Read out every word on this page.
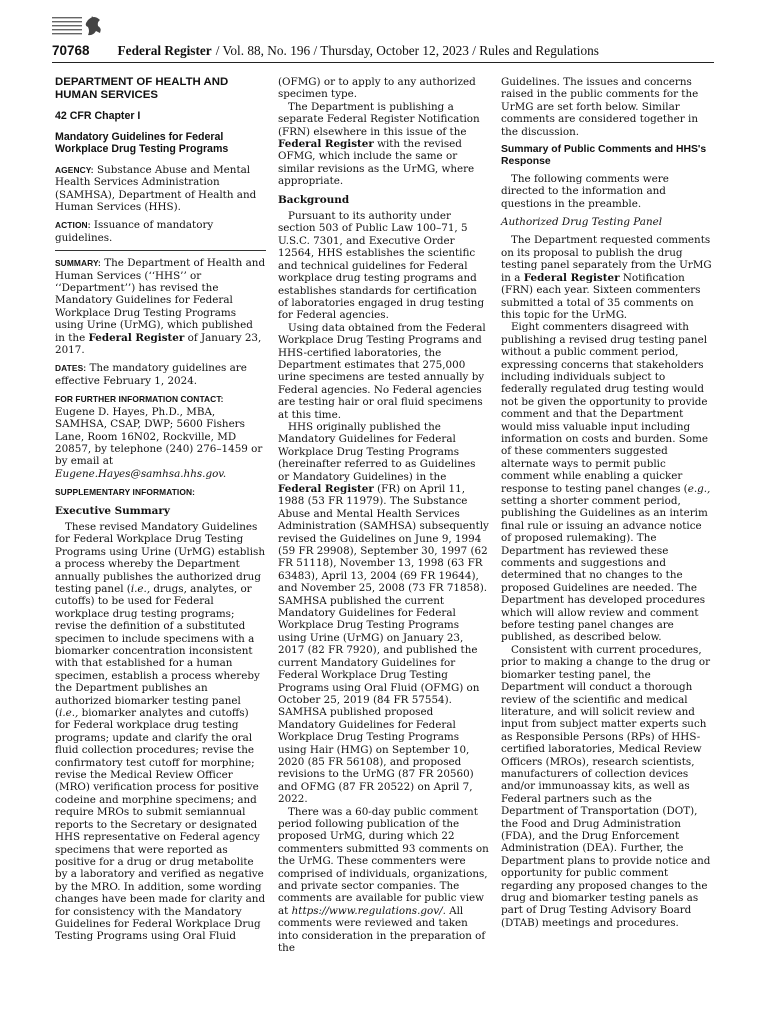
70768 Federal Register / Vol. 88, No. 196 / Thursday, October 12, 2023 / Rules and Regulations
DEPARTMENT OF HEALTH AND HUMAN SERVICES
42 CFR Chapter I
Mandatory Guidelines for Federal Workplace Drug Testing Programs

AGENCY: Substance Abuse and Mental Health Services Administration (SAMHSA), Department of Health and Human Services (HHS).

ACTION: Issuance of mandatory guidelines.

SUMMARY: The Department of Health and Human Services (‘‘HHS’’ or ‘‘Department’’) has revised the Mandatory Guidelines for Federal Workplace Drug Testing Programs using Urine (UrMG), which published in the Federal Register of January 23, 2017.

DATES: The mandatory guidelines are effective February 1, 2024.

FOR FURTHER INFORMATION CONTACT:

Eugene D. Hayes, Ph.D., MBA, SAMHSA, CSAP, DWP; 5600 Fishers Lane, Room 16N02, Rockville, MD 20857, by telephone (240) 276–1459 or by email at Eugene.Hayes@samhsa.hhs.gov.

SUPPLEMENTARY INFORMATION:

Executive Summary

These revised Mandatory Guidelines for Federal Workplace Drug Testing Programs using Urine (UrMG) establish a process whereby the Department annually publishes the authorized drug testing panel (i.e., drugs, analytes, or cutoffs) to be used for Federal workplace drug testing programs; revise the definition of a substituted specimen to include specimens with a biomarker concentration inconsistent with that established for a human specimen, establish a process whereby the Department publishes an authorized biomarker testing panel (i.e., biomarker analytes and cutoffs) for Federal workplace drug testing programs; update and clarify the oral fluid collection procedures; revise the confirmatory test cutoff for morphine; revise the Medical Review Officer (MRO) verification process for positive codeine and morphine specimens; and require MROs to submit semiannual reports to the Secretary or designated HHS representative on Federal agency specimens that were reported as positive for a drug or drug metabolite by a laboratory and verified as negative by the MRO. In addition, some wording changes have been made for clarity and for consistency with the Mandatory Guidelines for Federal Workplace Drug Testing Programs using Oral Fluid

(OFMG) or to apply to any authorized specimen type.

The Department is publishing a separate Federal Register Notification (FRN) elsewhere in this issue of the Federal Register with the revised OFMG, which include the same or similar revisions as the UrMG, where appropriate.

Background

Pursuant to its authority under section 503 of Public Law 100–71, 5 U.S.C. 7301, and Executive Order 12564, HHS establishes the scientific and technical guidelines for Federal workplace drug testing programs and establishes standards for certification of laboratories engaged in drug testing for Federal agencies.

Using data obtained from the Federal Workplace Drug Testing Programs and HHS-certified laboratories, the Department estimates that 275,000 urine specimens are tested annually by Federal agencies. No Federal agencies are testing hair or oral fluid specimens at this time.

HHS originally published the Mandatory Guidelines for Federal Workplace Drug Testing Programs (hereinafter referred to as Guidelines or Mandatory Guidelines) in the Federal Register (FR) on April 11, 1988 (53 FR 11979). The Substance Abuse and Mental Health Services Administration (SAMHSA) subsequently revised the Guidelines on June 9, 1994 (59 FR 29908), September 30, 1997 (62 FR 51118), November 13, 1998 (63 FR 63483), April 13, 2004 (69 FR 19644), and November 25, 2008 (73 FR 71858). SAMHSA published the current Mandatory Guidelines for Federal Workplace Drug Testing Programs using Urine (UrMG) on January 23, 2017 (82 FR 7920), and published the current Mandatory Guidelines for Federal Workplace Drug Testing Programs using Oral Fluid (OFMG) on October 25, 2019 (84 FR 57554). SAMHSA published proposed Mandatory Guidelines for Federal Workplace Drug Testing Programs using Hair (HMG) on September 10, 2020 (85 FR 56108), and proposed revisions to the UrMG (87 FR 20560) and OFMG (87 FR 20522) on April 7, 2022.

There was a 60-day public comment period following publication of the proposed UrMG, during which 22 commenters submitted 93 comments on the UrMG. These commenters were comprised of individuals, organizations, and private sector companies. The comments are available for public view at https://www.regulations.gov/. All comments were reviewed and taken into consideration in the preparation of the

Guidelines. The issues and concerns raised in the public comments for the UrMG are set forth below. Similar comments are considered together in the discussion.

Summary of Public Comments and HHS's Response

The following comments were directed to the information and questions in the preamble.

Authorized Drug Testing Panel

The Department requested comments on its proposal to publish the drug testing panel separately from the UrMG in a Federal Register Notification (FRN) each year. Sixteen commenters submitted a total of 35 comments on this topic for the UrMG.

Eight commenters disagreed with publishing a revised drug testing panel without a public comment period, expressing concerns that stakeholders including individuals subject to federally regulated drug testing would not be given the opportunity to provide comment and that the Department would miss valuable input including information on costs and burden. Some of these commenters suggested alternate ways to permit public comment while enabling a quicker response to testing panel changes (e.g., setting a shorter comment period, publishing the Guidelines as an interim final rule or issuing an advance notice of proposed rulemaking). The Department has reviewed these comments and suggestions and determined that no changes to the proposed Guidelines are needed. The Department has developed procedures which will allow review and comment before testing panel changes are published, as described below.

Consistent with current procedures, prior to making a change to the drug or biomarker testing panel, the Department will conduct a thorough review of the scientific and medical literature, and will solicit review and input from subject matter experts such as Responsible Persons (RPs) of HHS-certified laboratories, Medical Review Officers (MROs), research scientists, manufacturers of collection devices and/or immunoassay kits, as well as Federal partners such as the Department of Transportation (DOT), the Food and Drug Administration (FDA), and the Drug Enforcement Administration (DEA). Further, the Department plans to provide notice and opportunity for public comment regarding any proposed changes to the drug and biomarker testing panels as part of Drug Testing Advisory Board (DTAB) meetings and procedures.
